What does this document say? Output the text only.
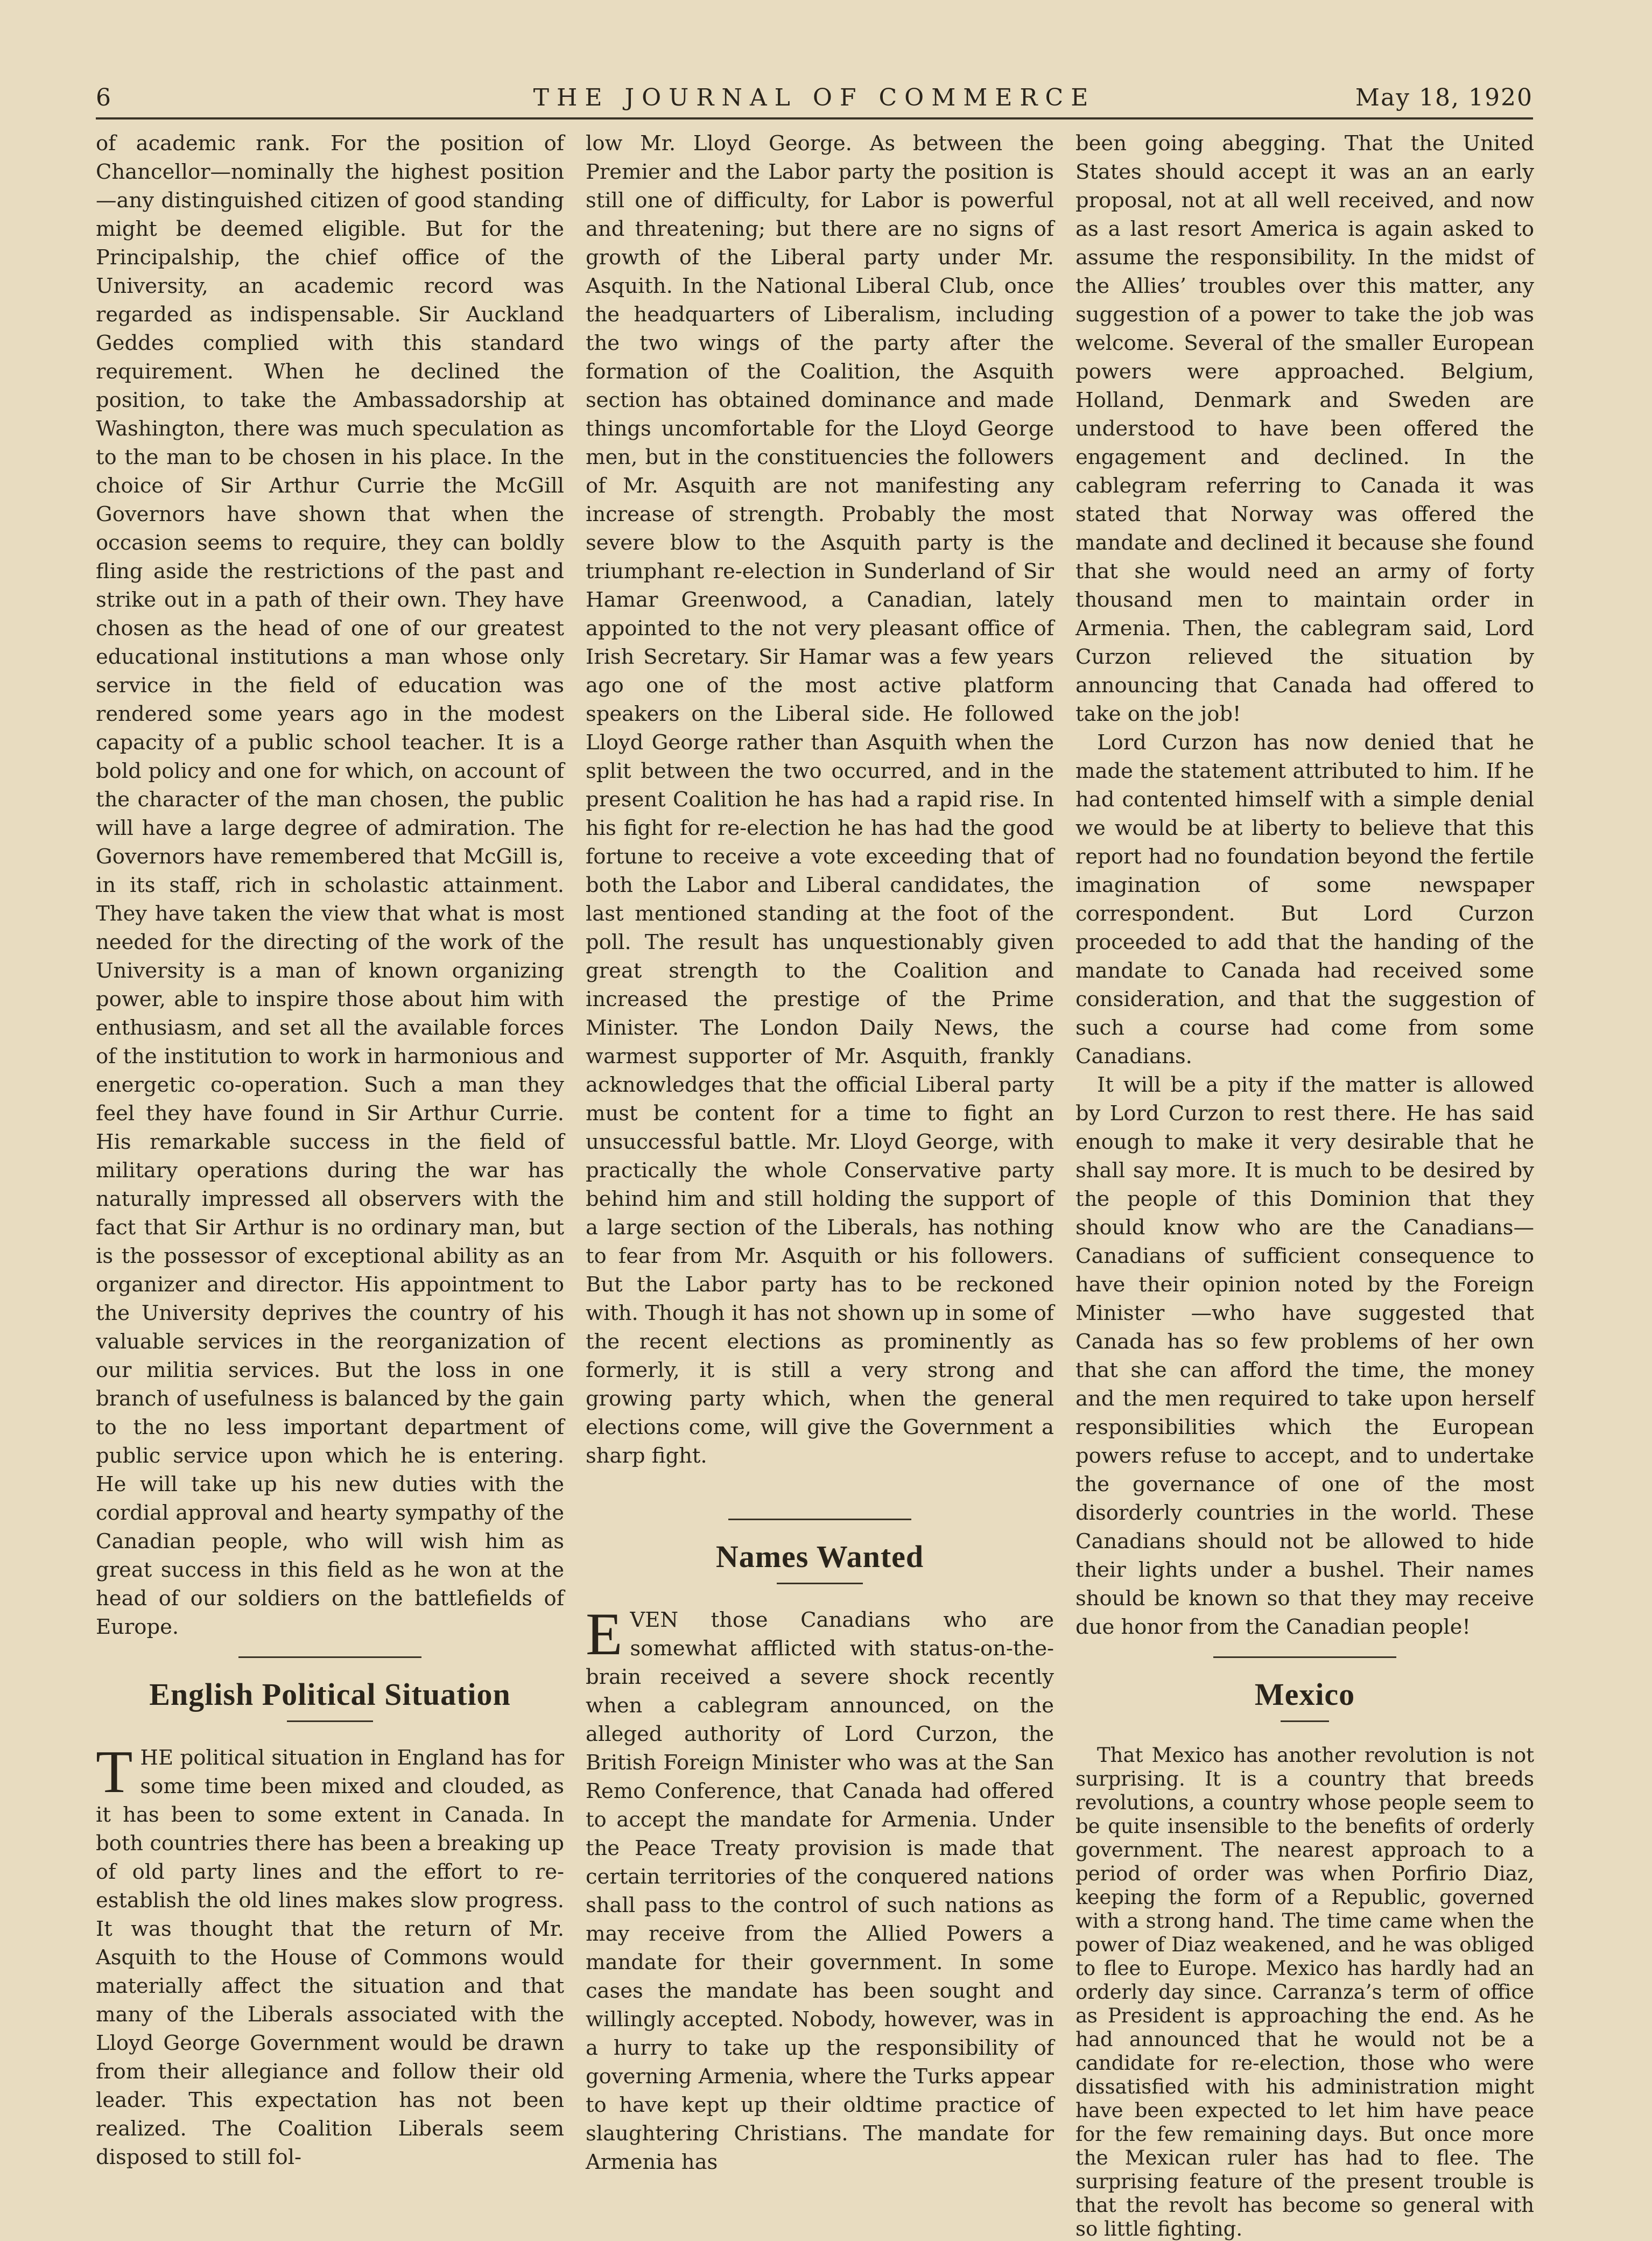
6	THE JOURNAL OF COMMERCE	May 18, 1920

of academic rank. For the position of Chancellor—nominally the highest position —any distinguished citizen of good standing might be deemed eligible. But for the Principalship, the chief office of the University, an academic record was regarded as indispensable. Sir Auckland Geddes complied with this standard requirement. When he declined the position, to take the Ambassadorship at Washington, there was much speculation as to the man to be chosen in his place. In the choice of Sir Arthur Currie the McGill Governors have shown that when the occasion seems to require, they can boldly fling aside the restrictions of the past and strike out in a path of their own. They have chosen as the head of one of our greatest educational institutions a man whose only service in the field of education was rendered some years ago in the modest capacity of a public school teacher. It is a bold policy and one for which, on account of the character of the man chosen, the public will have a large degree of admiration. The Governors have remembered that McGill is, in its staff, rich in scholastic attainment. They have taken the view that what is most needed for the directing of the work of the University is a man of known organizing power, able to inspire those about him with enthusiasm, and set all the available forces of the institution to work in harmonious and energetic co-operation. Such a man they feel they have found in Sir Arthur Currie. His remarkable success in the field of military operations during the war has naturally impressed all observers with the fact that Sir Arthur is no ordinary man, but is the possessor of exceptional ability as an organizer and director. His appointment to the University deprives the country of his valuable services in the reorganization of our militia services. But the loss in one branch of usefulness is balanced by the gain to the no less important department of public service upon which he is entering. He will take up his new duties with the cordial approval and hearty sympathy of the Canadian people, who will wish him as great success in this field as he won at the head of our soldiers on the battlefields of Europe.

English Political Situation

THE political situation in England has for some time been mixed and clouded, as it has been to some extent in Canada. In both countries there has been a breaking up of old party lines and the effort to re-establish the old lines makes slow progress. It was thought that the return of Mr. Asquith to the House of Commons would materially affect the situation and that many of the Liberals associated with the Lloyd George Government would be drawn from their allegiance and follow their old leader. This expectation has not been realized. The Coalition Liberals seem disposed to still fol-

low Mr. Lloyd George. As between the Premier and the Labor party the position is still one of difficulty, for Labor is powerful and threatening; but there are no signs of growth of the Liberal party under Mr. Asquith. In the National Liberal Club, once the headquarters of Liberalism, including the two wings of the party after the formation of the Coalition, the Asquith section has obtained dominance and made things uncomfortable for the Lloyd George men, but in the constituencies the followers of Mr. Asquith are not manifesting any increase of strength. Probably the most severe blow to the Asquith party is the triumphant re-election in Sunderland of Sir Hamar Greenwood, a Canadian, lately appointed to the not very pleasant office of Irish Secretary. Sir Hamar was a few years ago one of the most active platform speakers on the Liberal side. He followed Lloyd George rather than Asquith when the split between the two occurred, and in the present Coalition he has had a rapid rise. In his fight for re-election he has had the good fortune to receive a vote exceeding that of both the Labor and Liberal candidates, the last mentioned standing at the foot of the poll. The result has unquestionably given great strength to the Coalition and increased the prestige of the Prime Minister. The London Daily News, the warmest supporter of Mr. Asquith, frankly acknowledges that the official Liberal party must be content for a time to fight an unsuccessful battle. Mr. Lloyd George, with practically the whole Conservative party behind him and still holding the support of a large section of the Liberals, has nothing to fear from Mr. Asquith or his followers. But the Labor party has to be reckoned with. Though it has not shown up in some of the recent elections as prominently as formerly, it is still a very strong and growing party which, when the general elections come, will give the Government a sharp fight.

Names Wanted

EVEN those Canadians who are somewhat afflicted with status-on-the-brain received a severe shock recently when a cablegram announced, on the alleged authority of Lord Curzon, the British Foreign Minister who was at the San Remo Conference, that Canada had offered to accept the mandate for Armenia. Under the Peace Treaty provision is made that certain territories of the conquered nations shall pass to the control of such nations as may receive from the Allied Powers a mandate for their government. In some cases the mandate has been sought and willingly accepted. Nobody, however, was in a hurry to take up the responsibility of governing Armenia, where the Turks appear to have kept up their oldtime practice of slaughtering Christians. The mandate for Armenia has

been going abegging. That the United States should accept it was an an early proposal, not at all well received, and now as a last resort America is again asked to assume the responsibility. In the midst of the Allies’ troubles over this matter, any suggestion of a power to take the job was welcome. Several of the smaller European powers were approached. Belgium, Holland, Denmark and Sweden are understood to have been offered the engagement and declined. In the cablegram referring to Canada it was stated that Norway was offered the mandate and declined it because she found that she would need an army of forty thousand men to maintain order in Armenia. Then, the cablegram said, Lord Curzon relieved the situation by announcing that Canada had offered to take on the job!

Lord Curzon has now denied that he made the statement attributed to him. If he had contented himself with a simple denial we would be at liberty to believe that this report had no foundation beyond the fertile imagination of some newspaper correspondent. But Lord Curzon proceeded to add that the handing of the mandate to Canada had received some consideration, and that the suggestion of such a course had come from some Canadians.

It will be a pity if the matter is allowed by Lord Curzon to rest there. He has said enough to make it very desirable that he shall say more. It is much to be desired by the people of this Dominion that they should know who are the Canadians—Canadians of sufficient consequence to have their opinion noted by the Foreign Minister —who have suggested that Canada has so few problems of her own that she can afford the time, the money and the men required to take upon herself responsibilities which the European powers refuse to accept, and to undertake the governance of one of the most disorderly countries in the world. These Canadians should not be allowed to hide their lights under a bushel. Their names should be known so that they may receive due honor from the Canadian people!

Mexico

That Mexico has another revolution is not surprising. It is a country that breeds revolutions, a country whose people seem to be quite insensible to the benefits of orderly government. The nearest approach to a period of order was when Porfirio Diaz, keeping the form of a Republic, governed with a strong hand. The time came when the power of Diaz weakened, and he was obliged to flee to Europe. Mexico has hardly had an orderly day since. Carranza’s term of office as President is approaching the end. As he had announced that he would not be a candidate for re-election, those who were dissatisfied with his administration might have been expected to let him have peace for the few remaining days. But once more the Mexican ruler has had to flee. The surprising feature of the present trouble is that the revolt has become so general with so little fighting.
